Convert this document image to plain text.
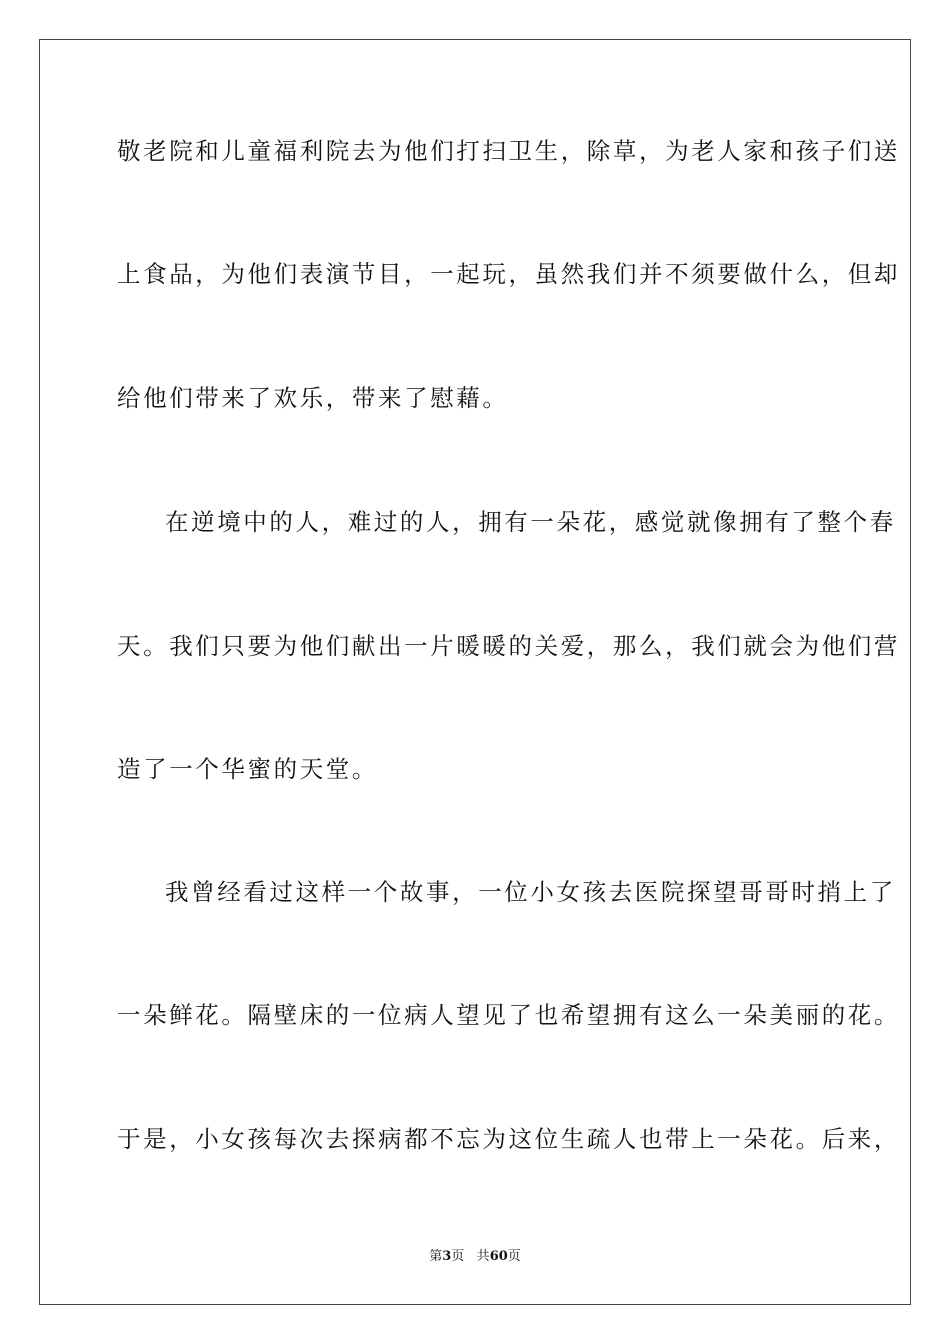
敬老院和儿童福利院去为他们打扫卫生，除草，为老人家和孩子们送
上食品，为他们表演节目，一起玩，虽然我们并不须要做什么，但却
给他们带来了欢乐，带来了慰藉。
在逆境中的人，难过的人，拥有一朵花，感觉就像拥有了整个春
天。我们只要为他们献出一片暖暖的关爱，那么，我们就会为他们营
造了一个华蜜的天堂。
我曾经看过这样一个故事，一位小女孩去医院探望哥哥时捎上了
一朵鲜花。隔壁床的一位病人望见了也希望拥有这么一朵美丽的花。
于是，小女孩每次去探病都不忘为这位生疏人也带上一朵花。后来，
第3页 共60页
